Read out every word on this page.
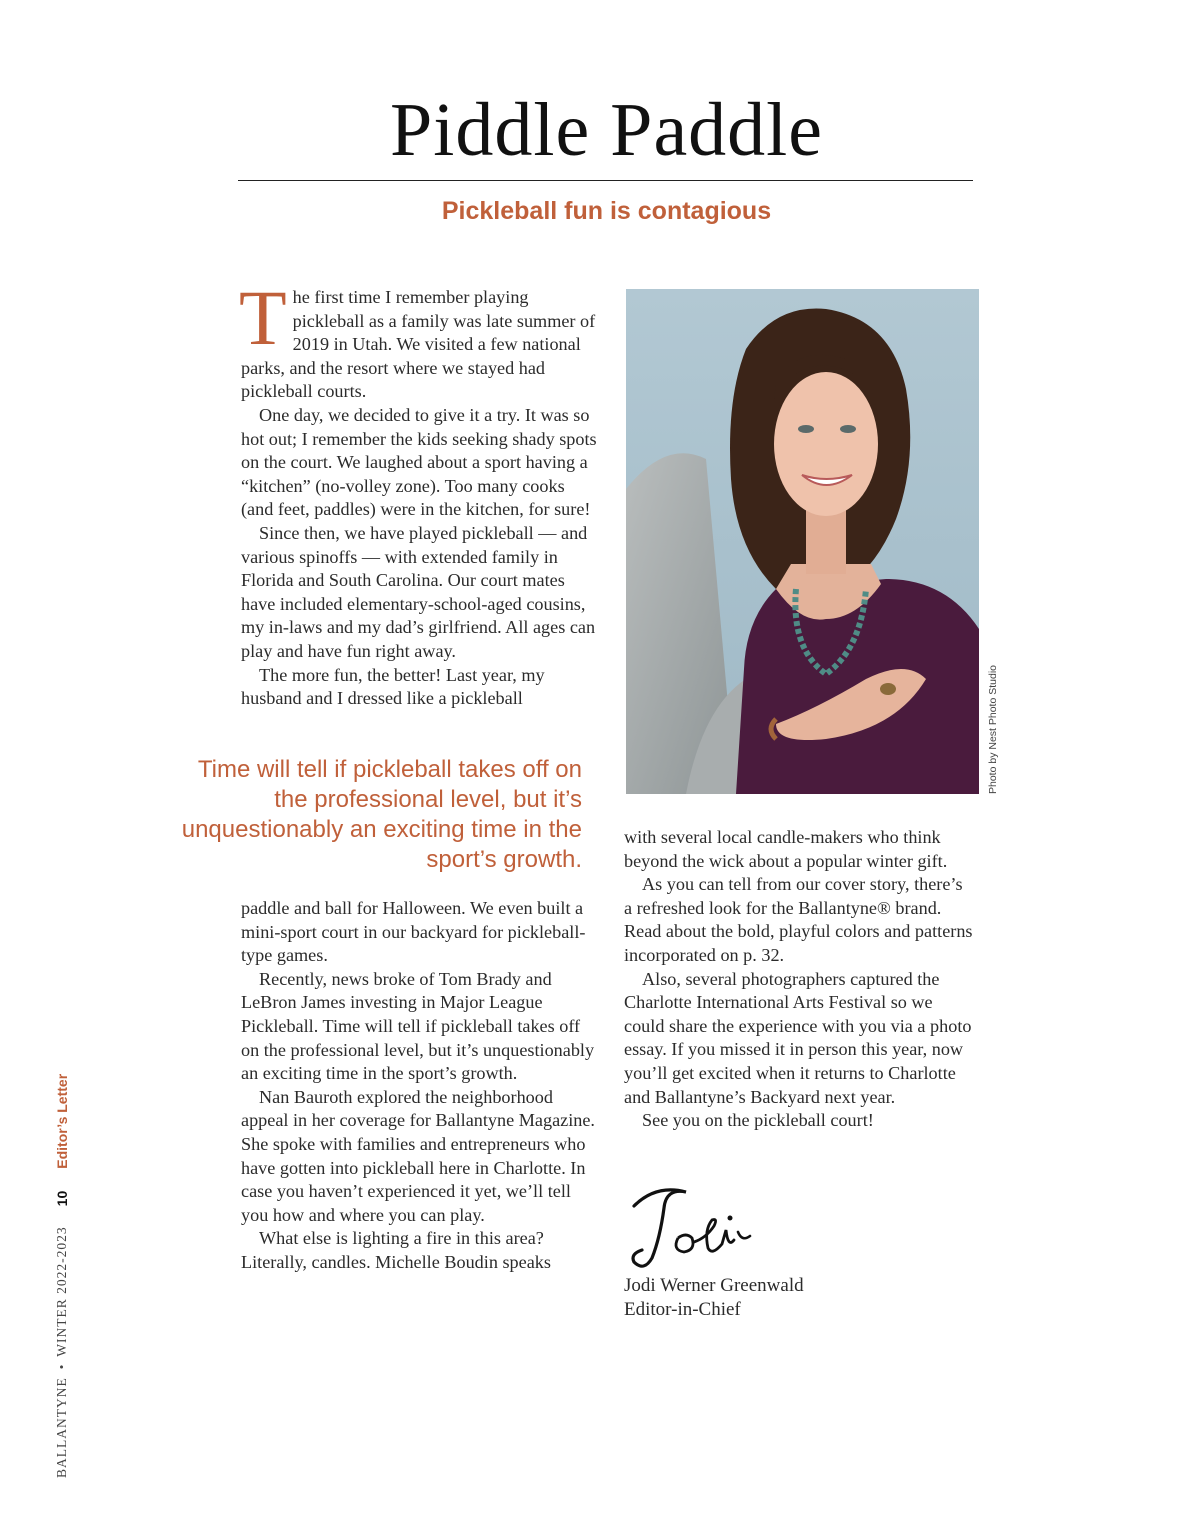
Piddle Paddle
Pickleball fun is contagious

The first time I remember playing pickleball as a family was late summer of 2019 in Utah. We visited a few national parks, and the resort where we stayed had pickleball courts.

One day, we decided to give it a try. It was so hot out; I remember the kids seeking shady spots on the court. We laughed about a sport having a “kitchen” (no-volley zone). Too many cooks (and feet, paddles) were in the kitchen, for sure!

Since then, we have played pickleball — and various spinoffs — with extended family in Florida and South Carolina. Our court mates have included elementary-school-aged cousins, my in-laws and my dad’s girlfriend. All ages can play and have fun right away.

The more fun, the better! Last year, my husband and I dressed like a pickleball

Time will tell if pickleball takes off on the professional level, but it’s unquestionably an exciting time in the sport’s growth.

paddle and ball for Halloween. We even built a mini-sport court in our backyard for pickleball-type games.

Recently, news broke of Tom Brady and LeBron James investing in Major League Pickleball. Time will tell if pickleball takes off on the professional level, but it’s unquestionably an exciting time in the sport’s growth.

Nan Bauroth explored the neighborhood appeal in her coverage for Ballantyne Magazine. She spoke with families and entrepreneurs who have gotten into pickleball here in Charlotte. In case you haven’t experienced it yet, we’ll tell you how and where you can play.

What else is lighting a fire in this area? Literally, candles. Michelle Boudin speaks

Photo by Nest Photo Studio

with several local candle-makers who think beyond the wick about a popular winter gift.

As you can tell from our cover story, there’s a refreshed look for the Ballantyne® brand. Read about the bold, playful colors and patterns incorporated on p. 32.

Also, several photographers captured the Charlotte International Arts Festival so we could share the experience with you via a photo essay. If you missed it in person this year, now you’ll get excited when it returns to Charlotte and Ballantyne’s Backyard next year.

See you on the pickleball court!

Jodi Werner Greenwald
Editor-in-Chief
BALLANTYNE
•
WINTER 2022-2023
10
Editor’s Letter
